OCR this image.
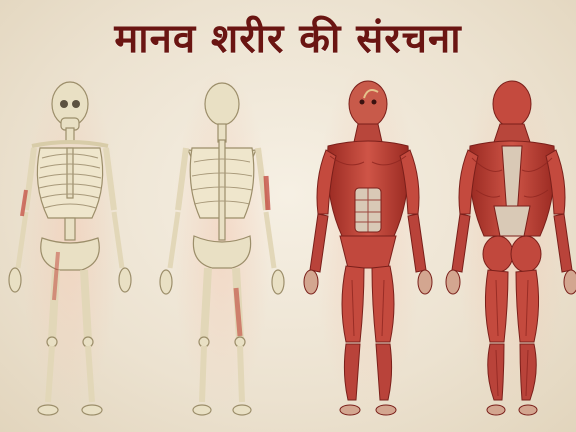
मानव शरीर की संरचना
